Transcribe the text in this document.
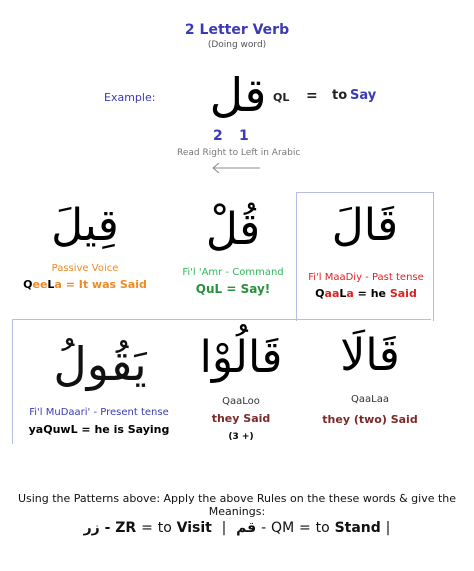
2 Letter Verb
(Doing word)
Example: قل QL = to Say
2 1
Read Right to Left in Arabic
قِيلَ
Passive Voice
QeeLa = It was Said
قُلْ
Fi'l 'Amr - Command
QuL = Say!
قَالَ
Fi'l MaaDiy - Past tense
QaaLa = he Said
يَقُولُ
Fi'l MuDaari' - Present tense
yaQuwL = he is Saying
قَالُوْا
QaaLoo
they Said
(3 +)
قَالَا
QaaLaa
they (two) Said
Using the Patterns above: Apply the above Rules on the these words & give the Meanings:
زر - ZR = to Visit | قم - QM = to Stand |
